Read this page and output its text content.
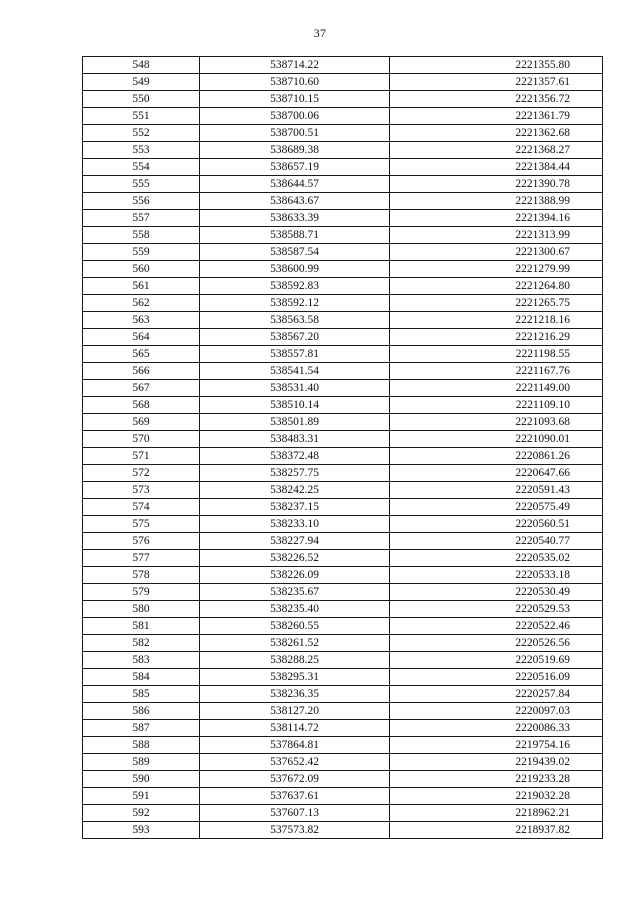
37
548	538714.22	2221355.80
549	538710.60	2221357.61
550	538710.15	2221356.72
551	538700.06	2221361.79
552	538700.51	2221362.68
553	538689.38	2221368.27
554	538657.19	2221384.44
555	538644.57	2221390.78
556	538643.67	2221388.99
557	538633.39	2221394.16
558	538588.71	2221313.99
559	538587.54	2221300.67
560	538600.99	2221279.99
561	538592.83	2221264.80
562	538592.12	2221265.75
563	538563.58	2221218.16
564	538567.20	2221216.29
565	538557.81	2221198.55
566	538541.54	2221167.76
567	538531.40	2221149.00
568	538510.14	2221109.10
569	538501.89	2221093.68
570	538483.31	2221090.01
571	538372.48	2220861.26
572	538257.75	2220647.66
573	538242.25	2220591.43
574	538237.15	2220575.49
575	538233.10	2220560.51
576	538227.94	2220540.77
577	538226.52	2220535.02
578	538226.09	2220533.18
579	538235.67	2220530.49
580	538235.40	2220529.53
581	538260.55	2220522.46
582	538261.52	2220526.56
583	538288.25	2220519.69
584	538295.31	2220516.09
585	538236.35	2220257.84
586	538127.20	2220097.03
587	538114.72	2220086.33
588	537864.81	2219754.16
589	537652.42	2219439.02
590	537672.09	2219233.28
591	537637.61	2219032.28
592	537607.13	2218962.21
593	537573.82	2218937.82
